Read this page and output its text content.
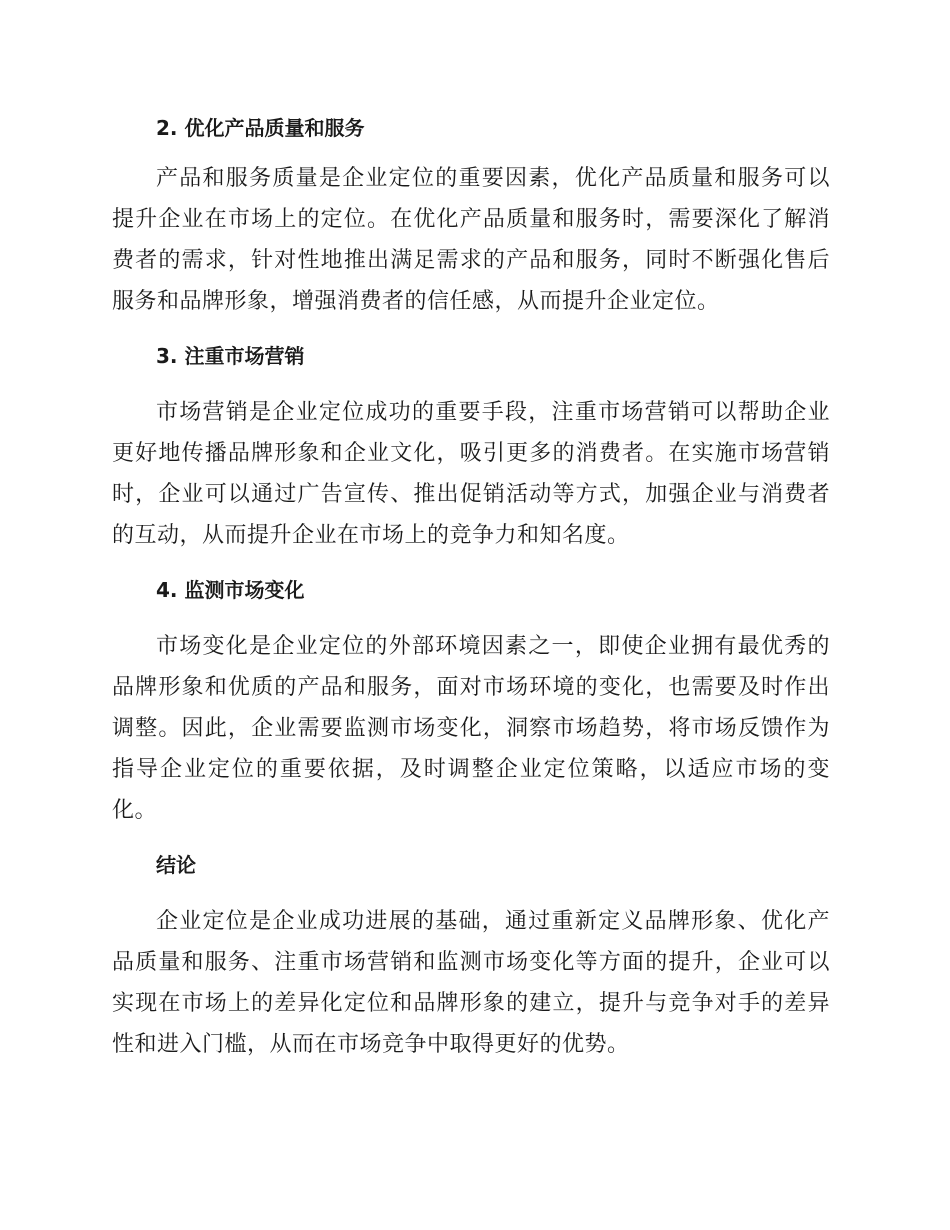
2. 优化产品质量和服务

产品和服务质量是企业定位的重要因素，优化产品质量和服务可以提升企业在市场上的定位。在优化产品质量和服务时，需要深化了解消费者的需求，针对性地推出满足需求的产品和服务，同时不断强化售后服务和品牌形象，增强消费者的信任感，从而提升企业定位。

3. 注重市场营销

市场营销是企业定位成功的重要手段，注重市场营销可以帮助企业更好地传播品牌形象和企业文化，吸引更多的消费者。在实施市场营销时，企业可以通过广告宣传、推出促销活动等方式，加强企业与消费者的互动，从而提升企业在市场上的竞争力和知名度。

4. 监测市场变化

市场变化是企业定位的外部环境因素之一，即使企业拥有最优秀的品牌形象和优质的产品和服务，面对市场环境的变化，也需要及时作出调整。因此，企业需要监测市场变化，洞察市场趋势，将市场反馈作为指导企业定位的重要依据，及时调整企业定位策略，以适应市场的变化。

结论

企业定位是企业成功进展的基础，通过重新定义品牌形象、优化产品质量和服务、注重市场营销和监测市场变化等方面的提升，企业可以实现在市场上的差异化定位和品牌形象的建立，提升与竞争对手的差异性和进入门槛，从而在市场竞争中取得更好的优势。
